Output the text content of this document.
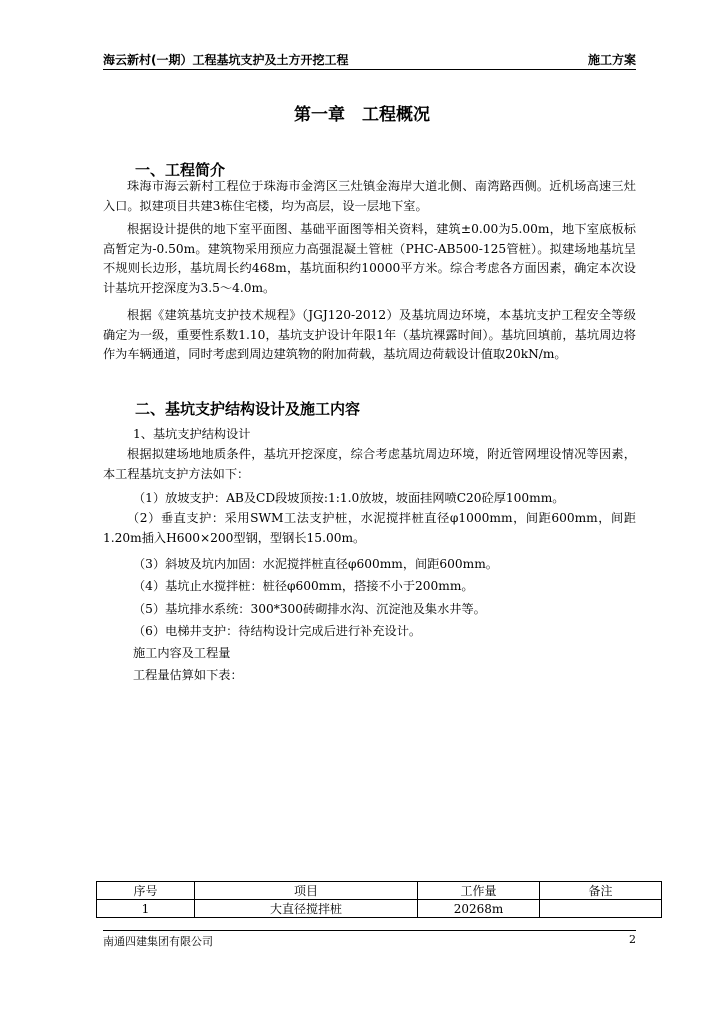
海云新村(一期）工程基坑支护及土方开挖工程	施工方案
第一章　工程概况
一、工程简介
珠海市海云新村工程位于珠海市金湾区三灶镇金海岸大道北侧、南湾路西侧。近机场高速三灶入口。拟建项目共建3栋住宅楼，均为高层，设一层地下室。
根据设计提供的地下室平面图、基础平面图等相关资料，建筑±0.00为5.00m，地下室底板标高暂定为-0.50m。建筑物采用预应力高强混凝土管桩（PHC-AB500-125管桩）。拟建场地基坑呈不规则长边形，基坑周长约468m，基坑面积约10000平方米。综合考虑各方面因素，确定本次设计基坑开挖深度为3.5～4.0m。
根据《建筑基坑支护技术规程》（JGJ120-2012）及基坑周边环境，本基坑支护工程安全等级确定为一级，重要性系数1.10，基坑支护设计年限1年（基坑裸露时间）。基坑回填前，基坑周边将作为车辆通道，同时考虑到周边建筑物的附加荷载，基坑周边荷载设计值取20kN/m。
二、基坑支护结构设计及施工内容
1、基坑支护结构设计
根据拟建场地地质条件，基坑开挖深度，综合考虑基坑周边环境，附近管网埋设情况等因素，本工程基坑支护方法如下：
（1）放坡支护：AB及CD段坡顶按:1:1.0放坡，坡面挂网喷C20砼厚100mm。
（2）垂直支护：采用SWM工法支护桩，水泥搅拌桩直径φ1000mm，间距600mm，间距1.20m插入H600×200型钢，型钢长15.00m。
（3）斜坡及坑内加固：水泥搅拌桩直径φ600mm，间距600mm。
（4）基坑止水搅拌桩：桩径φ600mm，搭接不小于200mm。
（5）基坑排水系统：300*300砖砌排水沟、沉淀池及集水井等。
（6）电梯井支护：待结构设计完成后进行补充设计。
施工内容及工程量
工程量估算如下表：
序号	项目	工作量	备注
1	大直径搅拌桩	20268m	
南通四建集团有限公司	2
